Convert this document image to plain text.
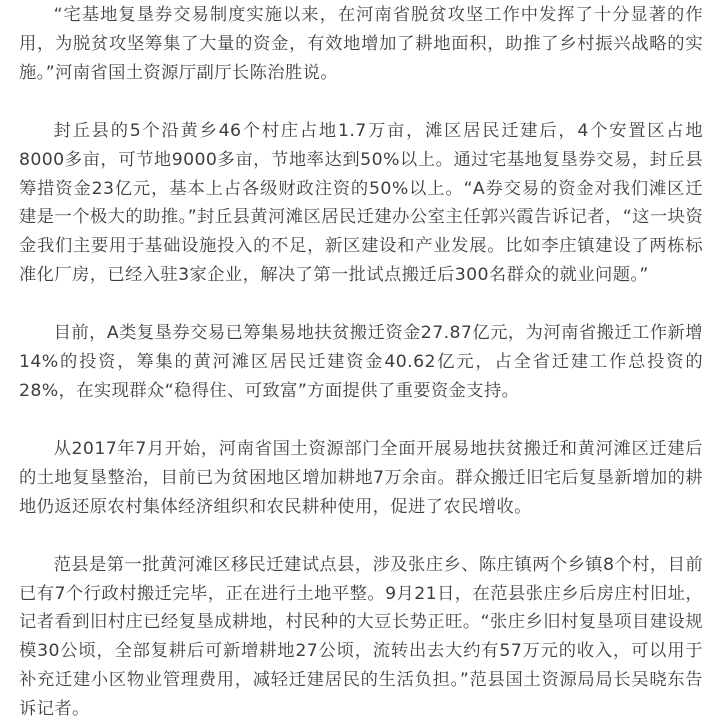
“宅基地复垦券交易制度实施以来，在河南省脱贫攻坚工作中发挥了十分显著的作用，为脱贫攻坚筹集了大量的资金，有效地增加了耕地面积，助推了乡村振兴战略的实施。”河南省国土资源厅副厅长陈治胜说。

封丘县的5个沿黄乡46个村庄占地1.7万亩，滩区居民迁建后，4个安置区占地8000多亩，可节地9000多亩，节地率达到50%以上。通过宅基地复垦券交易，封丘县筹措资金23亿元，基本上占各级财政注资的50%以上。“A券交易的资金对我们滩区迁建是一个极大的助推。”封丘县黄河滩区居民迁建办公室主任郭兴霞告诉记者，“这一块资金我们主要用于基础设施投入的不足，新区建设和产业发展。比如李庄镇建设了两栋标准化厂房，已经入驻3家企业，解决了第一批试点搬迁后300名群众的就业问题。”

目前，A类复垦券交易已筹集易地扶贫搬迁资金27.87亿元，为河南省搬迁工作新增14%的投资，筹集的黄河滩区居民迁建资金40.62亿元，占全省迁建工作总投资的28%，在实现群众“稳得住、可致富”方面提供了重要资金支持。

从2017年7月开始，河南省国土资源部门全面开展易地扶贫搬迁和黄河滩区迁建后的土地复垦整治，目前已为贫困地区增加耕地7万余亩。群众搬迁旧宅后复垦新增加的耕地仍返还原农村集体经济组织和农民耕种使用，促进了农民增收。

范县是第一批黄河滩区移民迁建试点县，涉及张庄乡、陈庄镇两个乡镇8个村，目前已有7个行政村搬迁完毕，正在进行土地平整。9月21日，在范县张庄乡后房庄村旧址，记者看到旧村庄已经复垦成耕地，村民种的大豆长势正旺。“张庄乡旧村复垦项目建设规模30公顷，全部复耕后可新增耕地27公顷，流转出去大约有57万元的收入，可以用于补充迁建小区物业管理费用，减轻迁建居民的生活负担。”范县国土资源局局长吴晓东告诉记者。
